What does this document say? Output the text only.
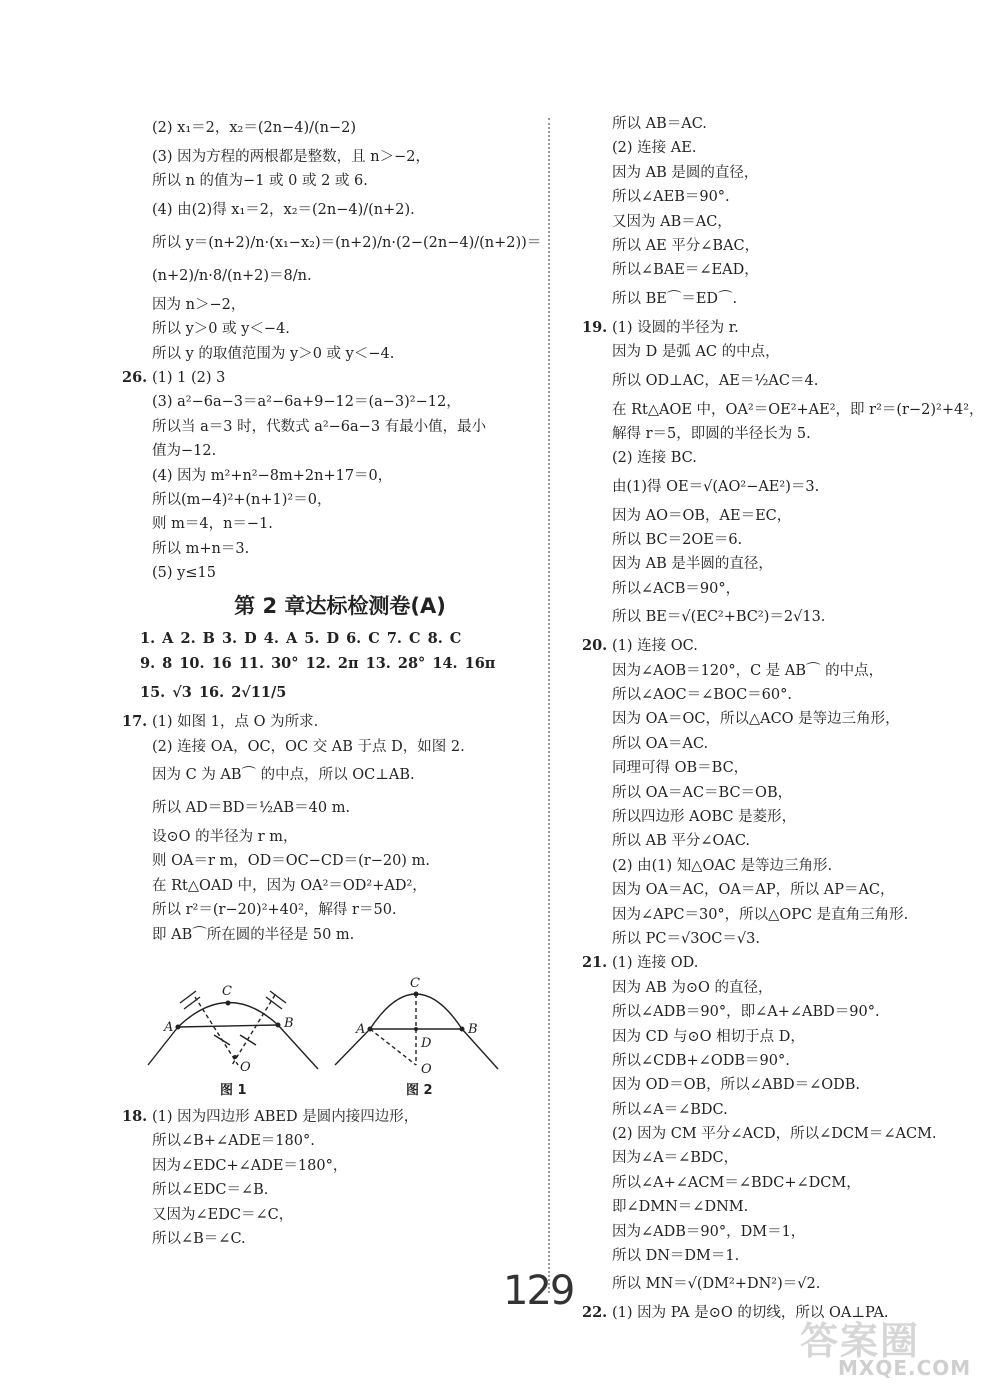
(2) x₁＝2，x₂＝(2n−4)/(n−2)
(3) 因为方程的两根都是整数，且 n＞−2，
所以 n 的值为−1 或 0 或 2 或 6.
(4) 由(2)得 x₁＝2，x₂＝(2n−4)/(n+2).
所以 y＝(n+2)/n·(x₁−x₂)＝(n+2)/n·(2−(2n−4)/(n+2))＝
(n+2)/n·8/(n+2)＝8/n.
因为 n＞−2，
所以 y＞0 或 y＜−4.
所以 y 的取值范围为 y＞0 或 y＜−4.
26. (1) 1 (2) 3
(3) a²−6a−3＝a²−6a+9−12＝(a−3)²−12，
所以当 a＝3 时，代数式 a²−6a−3 有最小值，最小
值为−12.
(4) 因为 m²+n²−8m+2n+17＝0，
所以(m−4)²+(n+1)²＝0，
则 m＝4，n＝−1.
所以 m+n＝3.
(5) y≤15
第 2 章达标检测卷(A)
1. A 2. B 3. D 4. A 5. D 6. C 7. C 8. C
9. 8 10. 16 11. 30° 12. 2π 13. 28° 14. 16π
15. √3 16. 2√11/5
17. (1) 如图 1，点 O 为所求.
(2) 连接 OA，OC，OC 交 AB 于点 D，如图 2.
因为 C 为 AB⌒ 的中点，所以 OC⊥AB.
所以 AD＝BD＝½AB＝40 m.
设⊙O 的半径为 r m，
则 OA＝r m，OD＝OC−CD＝(r−20) m.
在 Rt△OAD 中，因为 OA²＝OD²+AD²，
所以 r²＝(r−20)²+40²，解得 r＝50.
即 AB⌒所在圆的半径是 50 m.
C
A	B
O
C
A
D
B
O
图 1	图 2
18. (1) 因为四边形 ABED 是圆内接四边形，
所以∠B+∠ADE＝180°.
因为∠EDC+∠ADE＝180°，
所以∠EDC＝∠B.
又因为∠EDC＝∠C，
所以∠B＝∠C.
所以 AB＝AC.
(2) 连接 AE.
因为 AB 是圆的直径，
所以∠AEB＝90°.
又因为 AB＝AC，
所以 AE 平分∠BAC，
所以∠BAE＝∠EAD，
所以 BE⌒＝ED⌒.
19. (1) 设圆的半径为 r.
因为 D 是弧 AC 的中点，
所以 OD⊥AC，AE＝½AC＝4.
在 Rt△AOE 中，OA²＝OE²+AE²，即 r²＝(r−2)²+4²，
解得 r＝5，即圆的半径长为 5.
(2) 连接 BC.
由(1)得 OE＝√(AO²−AE²)＝3.
因为 AO＝OB，AE＝EC，
所以 BC＝2OE＝6.
因为 AB 是半圆的直径，
所以∠ACB＝90°，
所以 BE＝√(EC²+BC²)＝2√13.
20. (1) 连接 OC.
因为∠AOB＝120°，C 是 AB⌒ 的中点，
所以∠AOC＝∠BOC＝60°.
因为 OA＝OC，所以△ACO 是等边三角形，
所以 OA＝AC.
同理可得 OB＝BC，
所以 OA＝AC＝BC＝OB，
所以四边形 AOBC 是菱形，
所以 AB 平分∠OAC.
(2) 由(1) 知△OAC 是等边三角形.
因为 OA＝AC，OA＝AP，所以 AP＝AC，
因为∠APC＝30°，所以△OPC 是直角三角形.
所以 PC＝√3OC＝√3.
21. (1) 连接 OD.
因为 AB 为⊙O 的直径，
所以∠ADB＝90°，即∠A+∠ABD＝90°.
因为 CD 与⊙O 相切于点 D，
所以∠CDB+∠ODB＝90°.
因为 OD＝OB，所以∠ABD＝∠ODB.
所以∠A＝∠BDC.
(2) 因为 CM 平分∠ACD，所以∠DCM＝∠ACM.
因为∠A＝∠BDC，
所以∠A+∠ACM＝∠BDC+∠DCM，
即∠DMN＝∠DNM.
因为∠ADB＝90°，DM＝1，
所以 DN＝DM＝1.
所以 MN＝√(DM²+DN²)＝√2.
22. (1) 因为 PA 是⊙O 的切线，所以 OA⊥PA.
129
答案圈
MXQE.COM
